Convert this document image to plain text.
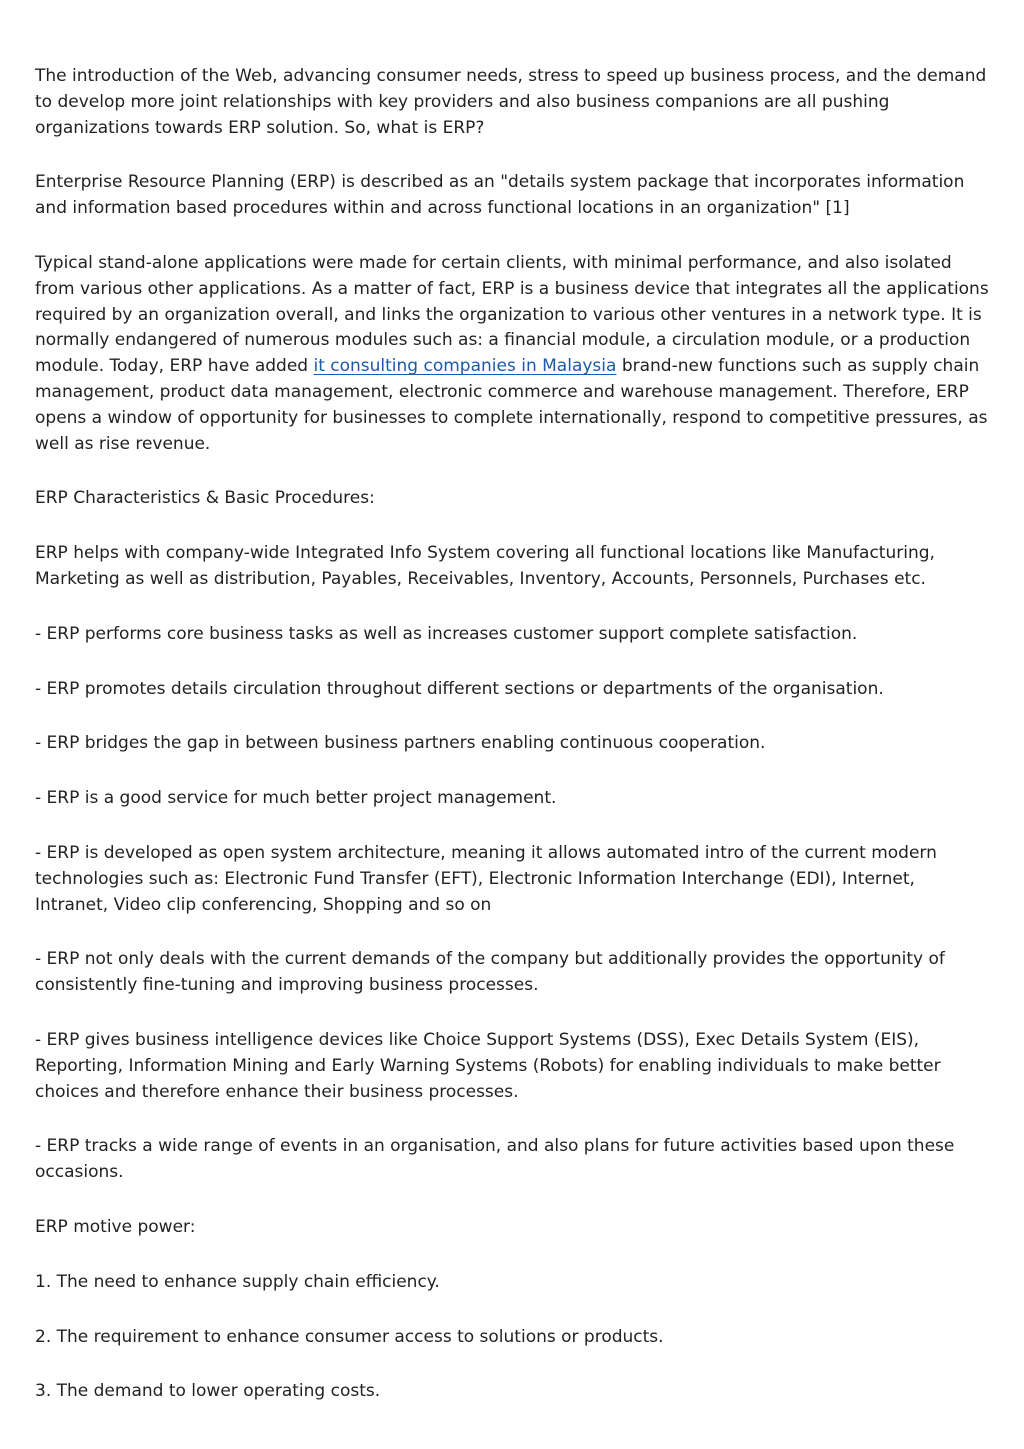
The introduction of the Web, advancing consumer needs, stress to speed up business process, and the demand to develop more joint relationships with key providers and also business companions are all pushing organizations towards ERP solution. So, what is ERP?

Enterprise Resource Planning (ERP) is described as an "details system package that incorporates information and information based procedures within and across functional locations in an organization" [1]

Typical stand-alone applications were made for certain clients, with minimal performance, and also isolated from various other applications. As a matter of fact, ERP is a business device that integrates all the applications required by an organization overall, and links the organization to various other ventures in a network type. It is normally endangered of numerous modules such as: a financial module, a circulation module, or a production module. Today, ERP have added it consulting companies in Malaysia brand-new functions such as supply chain management, product data management, electronic commerce and warehouse management. Therefore, ERP opens a window of opportunity for businesses to complete internationally, respond to competitive pressures, as well as rise revenue.

ERP Characteristics & Basic Procedures:

ERP helps with company-wide Integrated Info System covering all functional locations like Manufacturing, Marketing as well as distribution, Payables, Receivables, Inventory, Accounts, Personnels, Purchases etc.

- ERP performs core business tasks as well as increases customer support complete satisfaction.

- ERP promotes details circulation throughout different sections or departments of the organisation.

- ERP bridges the gap in between business partners enabling continuous cooperation.

- ERP is a good service for much better project management.

- ERP is developed as open system architecture, meaning it allows automated intro of the current modern technologies such as: Electronic Fund Transfer (EFT), Electronic Information Interchange (EDI), Internet, Intranet, Video clip conferencing, Shopping and so on

- ERP not only deals with the current demands of the company but additionally provides the opportunity of consistently fine-tuning and improving business processes.

- ERP gives business intelligence devices like Choice Support Systems (DSS), Exec Details System (EIS), Reporting, Information Mining and Early Warning Systems (Robots) for enabling individuals to make better choices and therefore enhance their business processes.

- ERP tracks a wide range of events in an organisation, and also plans for future activities based upon these occasions.

ERP motive power:

1. The need to enhance supply chain efficiency.

2. The requirement to enhance consumer access to solutions or products.

3. The demand to lower operating costs.
